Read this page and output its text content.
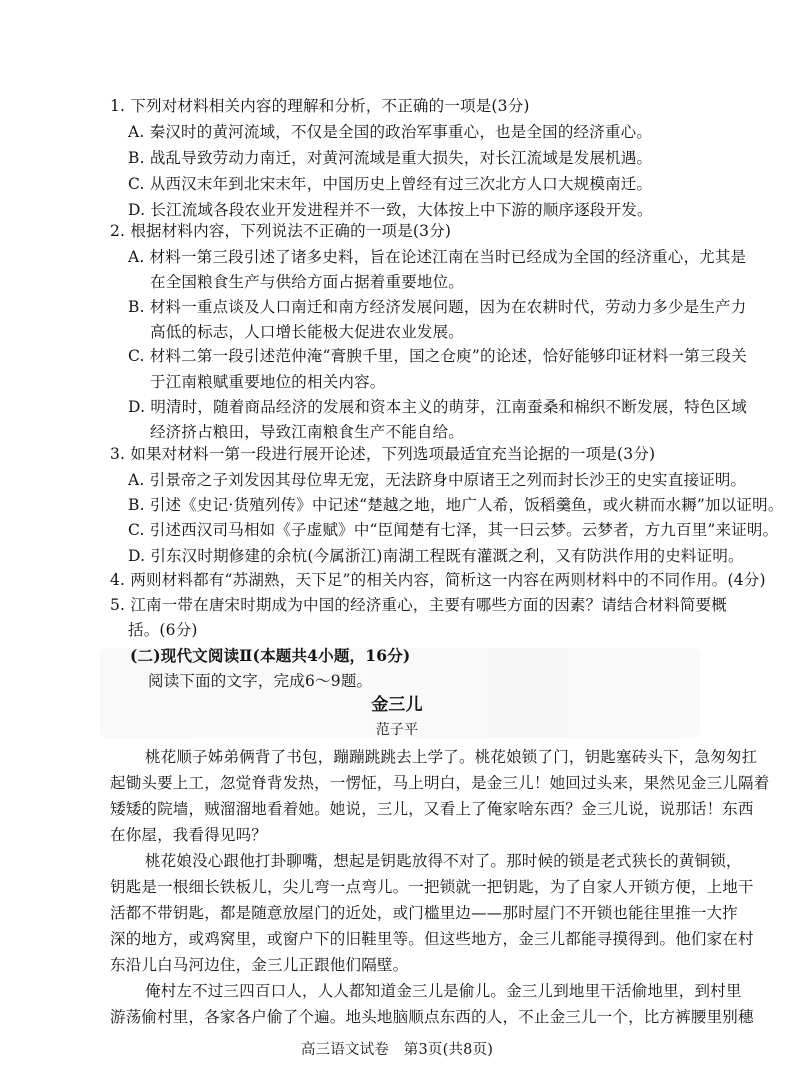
1. 下列对材料相关内容的理解和分析，不正确的一项是(3分)
A. 秦汉时的黄河流域，不仅是全国的政治军事重心，也是全国的经济重心。
B. 战乱导致劳动力南迁，对黄河流域是重大损失，对长江流域是发展机遇。
C. 从西汉末年到北宋末年，中国历史上曾经有过三次北方人口大规模南迁。
D. 长江流域各段农业开发进程并不一致，大体按上中下游的顺序逐段开发。
2. 根据材料内容，下列说法不正确的一项是(3分)
A. 材料一第三段引述了诸多史料，旨在论述江南在当时已经成为全国的经济重心，尤其是
在全国粮食生产与供给方面占据着重要地位。
B. 材料一重点谈及人口南迁和南方经济发展问题，因为在农耕时代，劳动力多少是生产力
高低的标志，人口增长能极大促进农业发展。
C. 材料二第一段引述范仲淹“膏腴千里，国之仓庾”的论述，恰好能够印证材料一第三段关
于江南粮赋重要地位的相关内容。
D. 明清时，随着商品经济的发展和资本主义的萌芽，江南蚕桑和棉织不断发展，特色区域
经济挤占粮田，导致江南粮食生产不能自给。
3. 如果对材料一第一段进行展开论述，下列选项最适宜充当论据的一项是(3分)
A. 引景帝之子刘发因其母位卑无宠，无法跻身中原诸王之列而封长沙王的史实直接证明。
B. 引述《史记·货殖列传》中记述“楚越之地，地广人希，饭稻羹鱼，或火耕而水耨”加以证明。
C. 引述西汉司马相如《子虚赋》中“臣闻楚有七泽，其一曰云梦。云梦者，方九百里”来证明。
D. 引东汉时期修建的余杭(今属浙江)南湖工程既有灌溉之利，又有防洪作用的史料证明。
4. 两则材料都有“苏湖熟，天下足”的相关内容，简析这一内容在两则材料中的不同作用。(4分)
5. 江南一带在唐宋时期成为中国的经济重心，主要有哪些方面的因素？请结合材料简要概
括。(6分)
(二)现代文阅读Ⅱ(本题共4小题，16分)
阅读下面的文字，完成6～9题。
金三儿
范子平
桃花顺子姊弟俩背了书包，蹦蹦跳跳去上学了。桃花娘锁了门，钥匙塞砖头下，急匆匆扛
起锄头要上工，忽觉脊背发热，一愣怔，马上明白，是金三儿！她回过头来，果然见金三儿隔着
矮矮的院墙，贼溜溜地看着她。她说，三儿，又看上了俺家啥东西？金三儿说，说那话！东西
在你屋，我看得见吗？
桃花娘没心跟他打卦聊嘴，想起是钥匙放得不对了。那时候的锁是老式狭长的黄铜锁，
钥匙是一根细长铁板儿，尖儿弯一点弯儿。一把锁就一把钥匙，为了自家人开锁方便，上地干
活都不带钥匙，都是随意放屋门的近处，或门槛里边——那时屋门不开锁也能往里推一大拃
深的地方，或鸡窝里，或窗户下的旧鞋里等。但这些地方，金三儿都能寻摸得到。他们家在村
东沿儿白马河边住，金三儿正跟他们隔壁。
俺村左不过三四百口人，人人都知道金三儿是偷儿。金三儿到地里干活偷地里，到村里
游荡偷村里，各家各户偷了个遍。地头地脑顺点东西的人，不止金三儿一个，比方裤腰里别穗
高三语文试卷　第3页(共8页)
